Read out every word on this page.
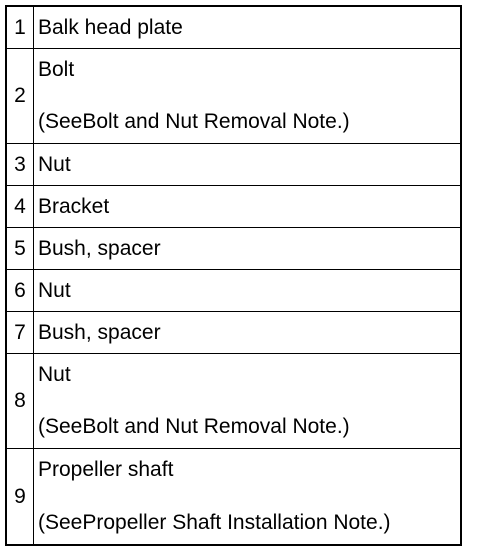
1 Balk head plate
2
Bolt
(SeeBolt and Nut Removal Note.)
3 Nut
4 Bracket
5 Bush, spacer
6 Nut
7 Bush, spacer
8
Nut
(SeeBolt and Nut Removal Note.)
9
Propeller shaft
(SeePropeller Shaft Installation Note.)
